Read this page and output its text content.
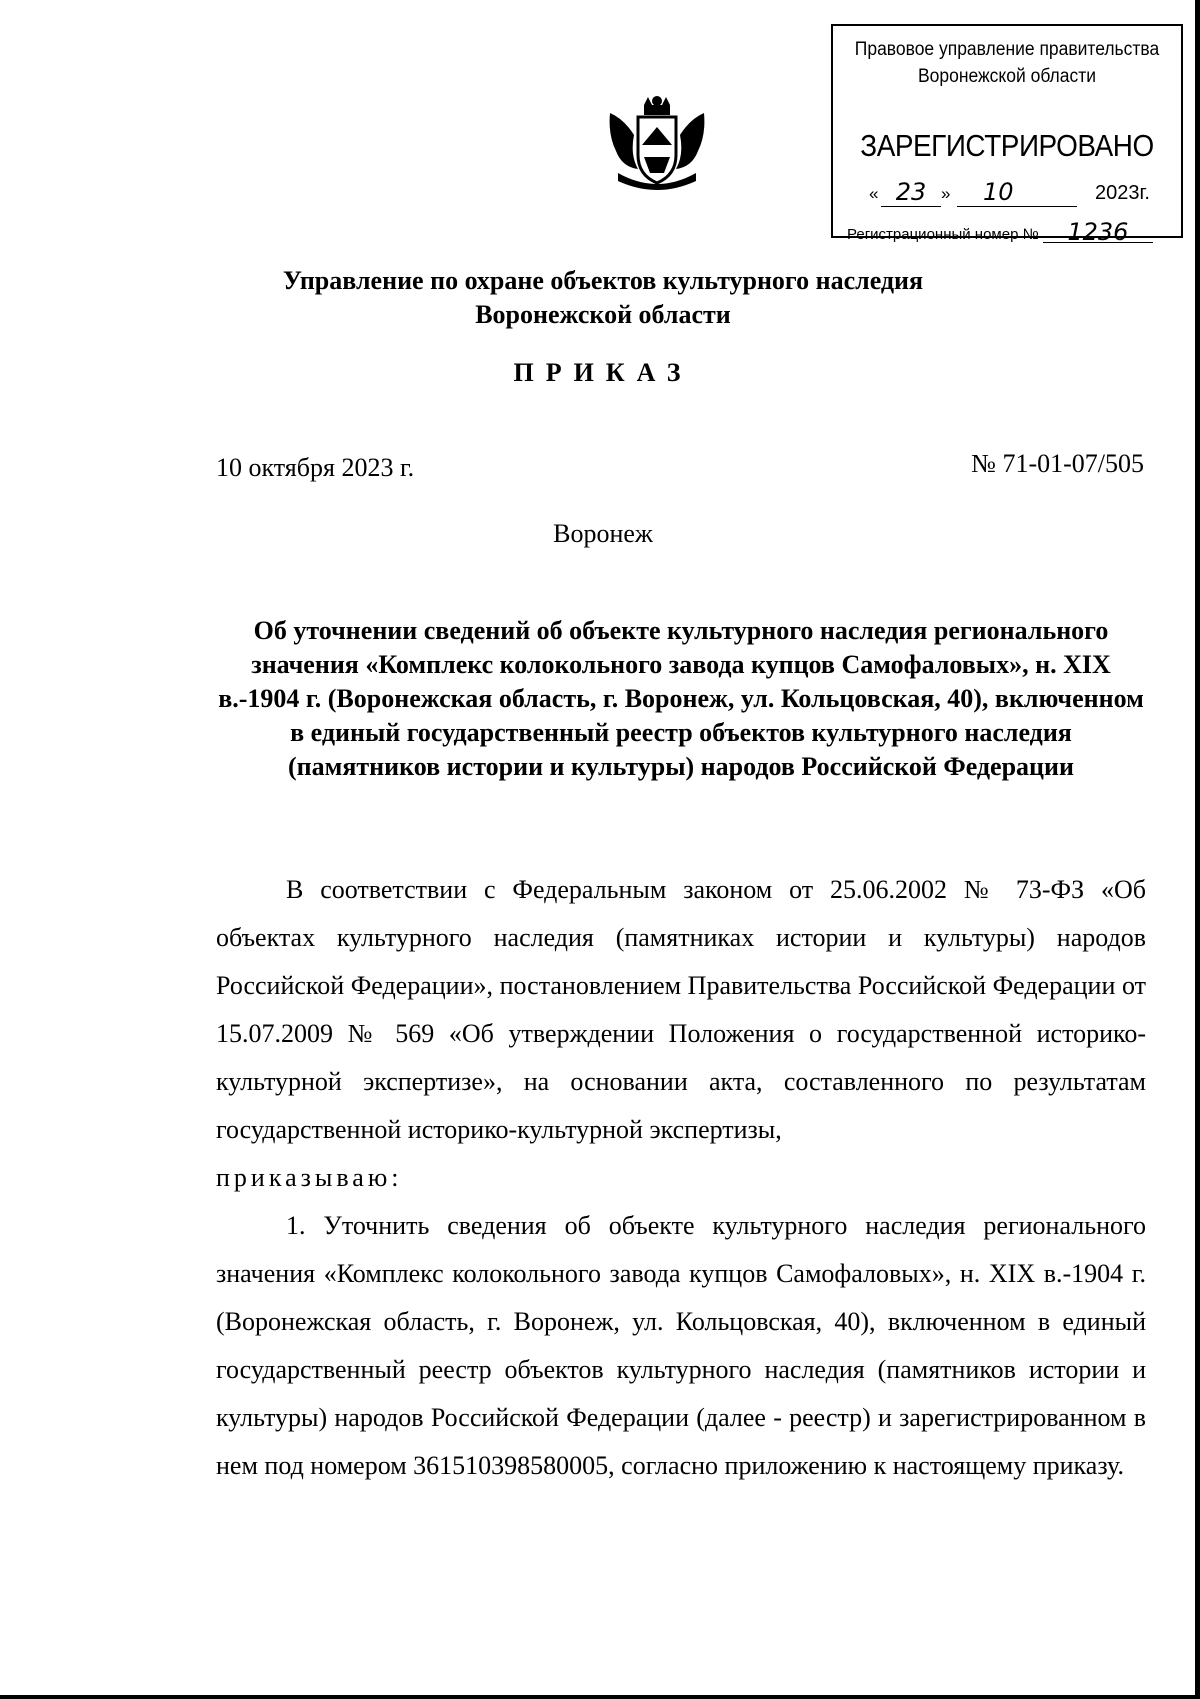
Правовое управление правительства Воронежской области
ЗАРЕГИСТРИРОВАНО
« 23 »	10	2023г.
Регистрационный номер № 1236
Управление по охране объектов культурного наследия Воронежской области
ПРИКАЗ
10 октября 2023 г.	№ 71-01-07/505
Воронеж
Об уточнении сведений об объекте культурного наследия регионального значения «Комплекс колокольного завода купцов Самофаловых», н. XIX в.-1904 г. (Воронежская область, г. Воронеж, ул. Кольцовская, 40), включенном в единый государственный реестр объектов культурного наследия (памятников истории и культуры) народов Российской Федерации

В соответствии с Федеральным законом от 25.06.2002 № 73-ФЗ «Об объектах культурного наследия (памятниках истории и культуры) народов Российской Федерации», постановлением Правительства Российской Федерации от 15.07.2009 № 569 «Об утверждении Положения о государственной историко-культурной экспертизе», на основании акта, составленного по результатам государственной историко-культурной экспертизы,

приказываю:

1. Уточнить сведения об объекте культурного наследия регионального значения «Комплекс колокольного завода купцов Самофаловых», н. XIX в.-1904 г. (Воронежская область, г. Воронеж, ул. Кольцовская, 40), включенном в единый государственный реестр объектов культурного наследия (памятников истории и культуры) народов Российской Федерации (далее - реестр) и зарегистрированном в нем под номером 361510398580005, согласно приложению к настоящему приказу.
